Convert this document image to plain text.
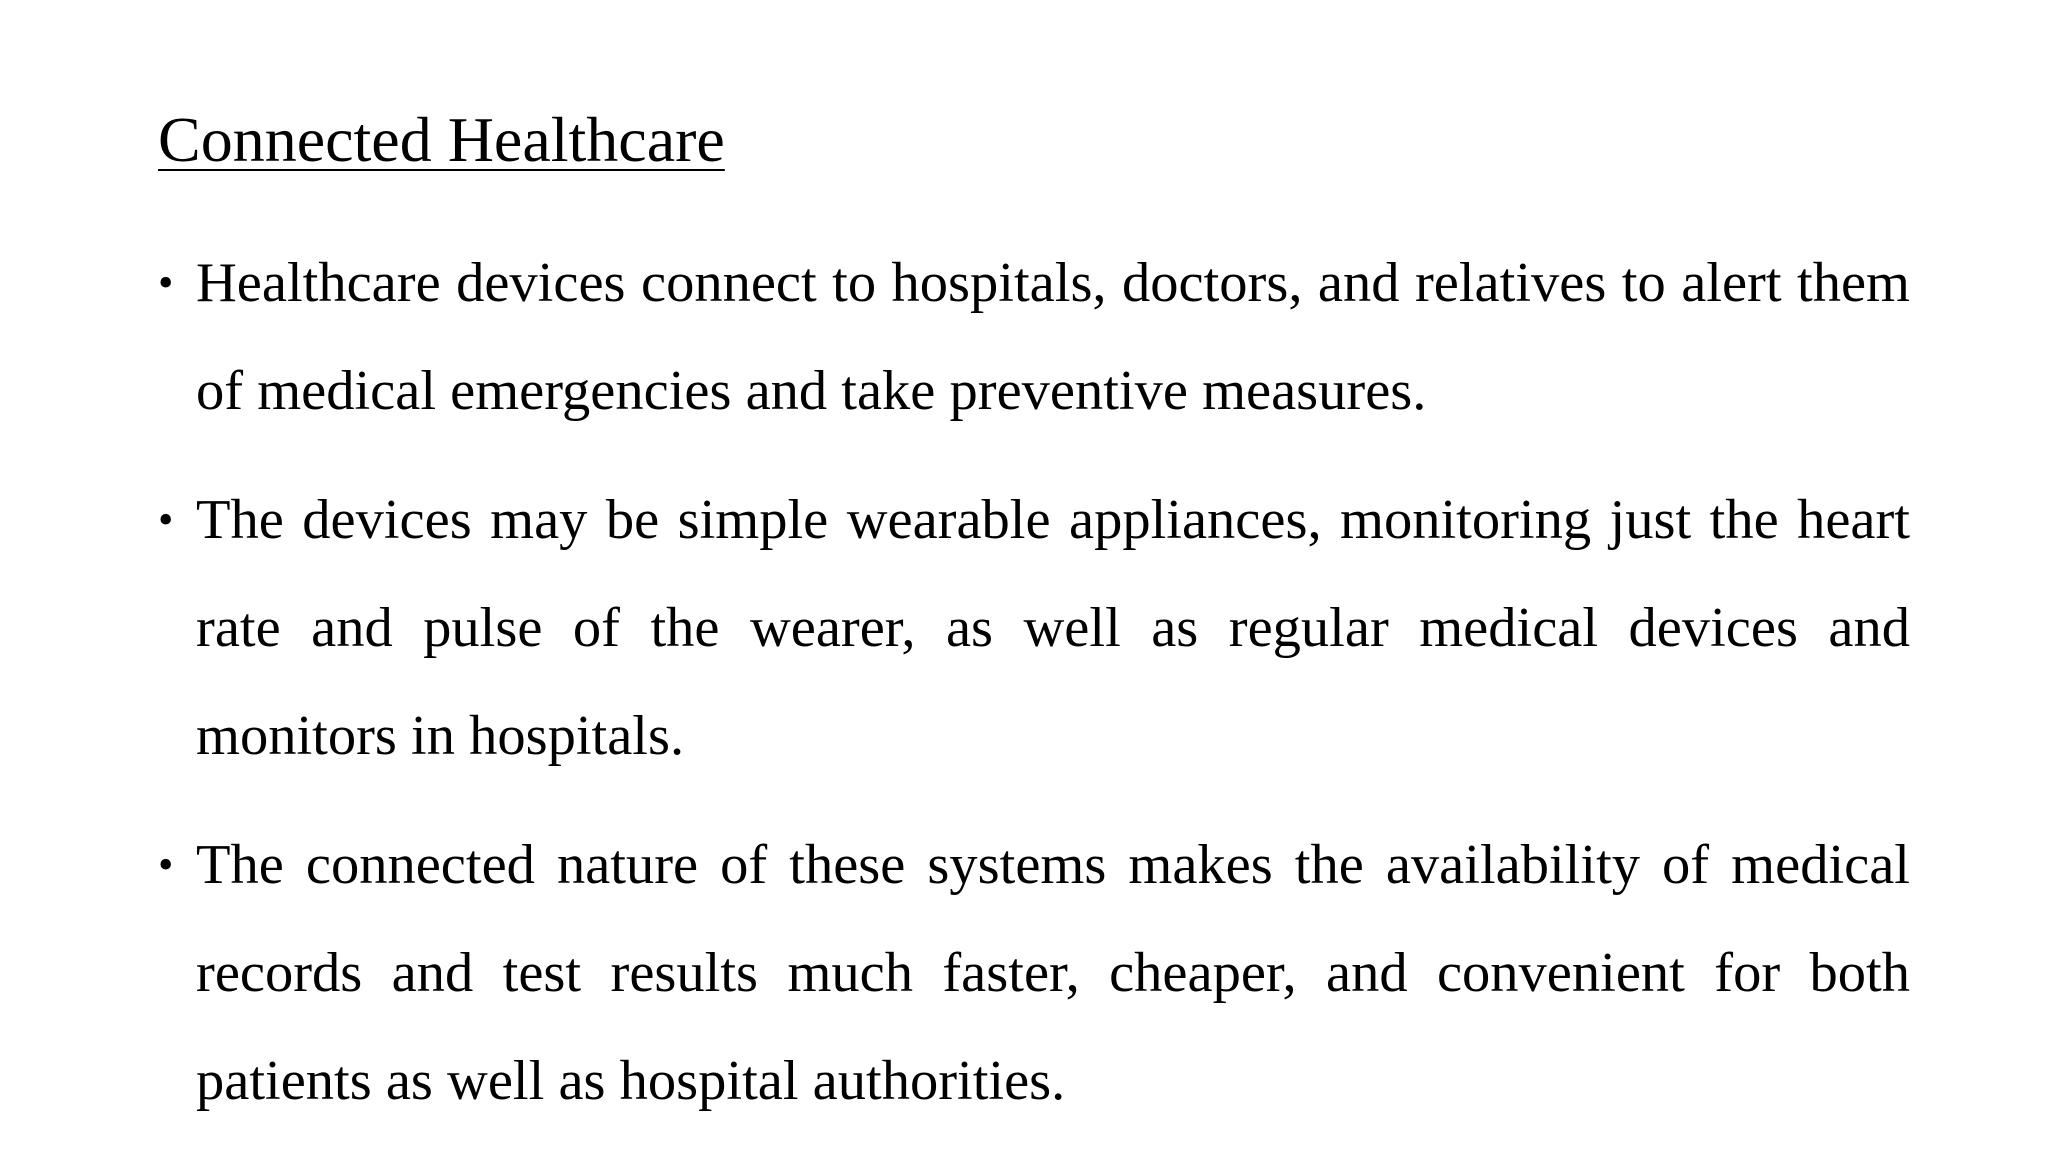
Connected Healthcare
• Healthcare devices connect to hospitals, doctors, and relatives to alert them of medical emergencies and take preventive measures.
• The devices may be simple wearable appliances, monitoring just the heart rate and pulse of the wearer, as well as regular medical devices and monitors in hospitals.
• The connected nature of these systems makes the availability of medical records and test results much faster, cheaper, and convenient for both patients as well as hospital authorities.
